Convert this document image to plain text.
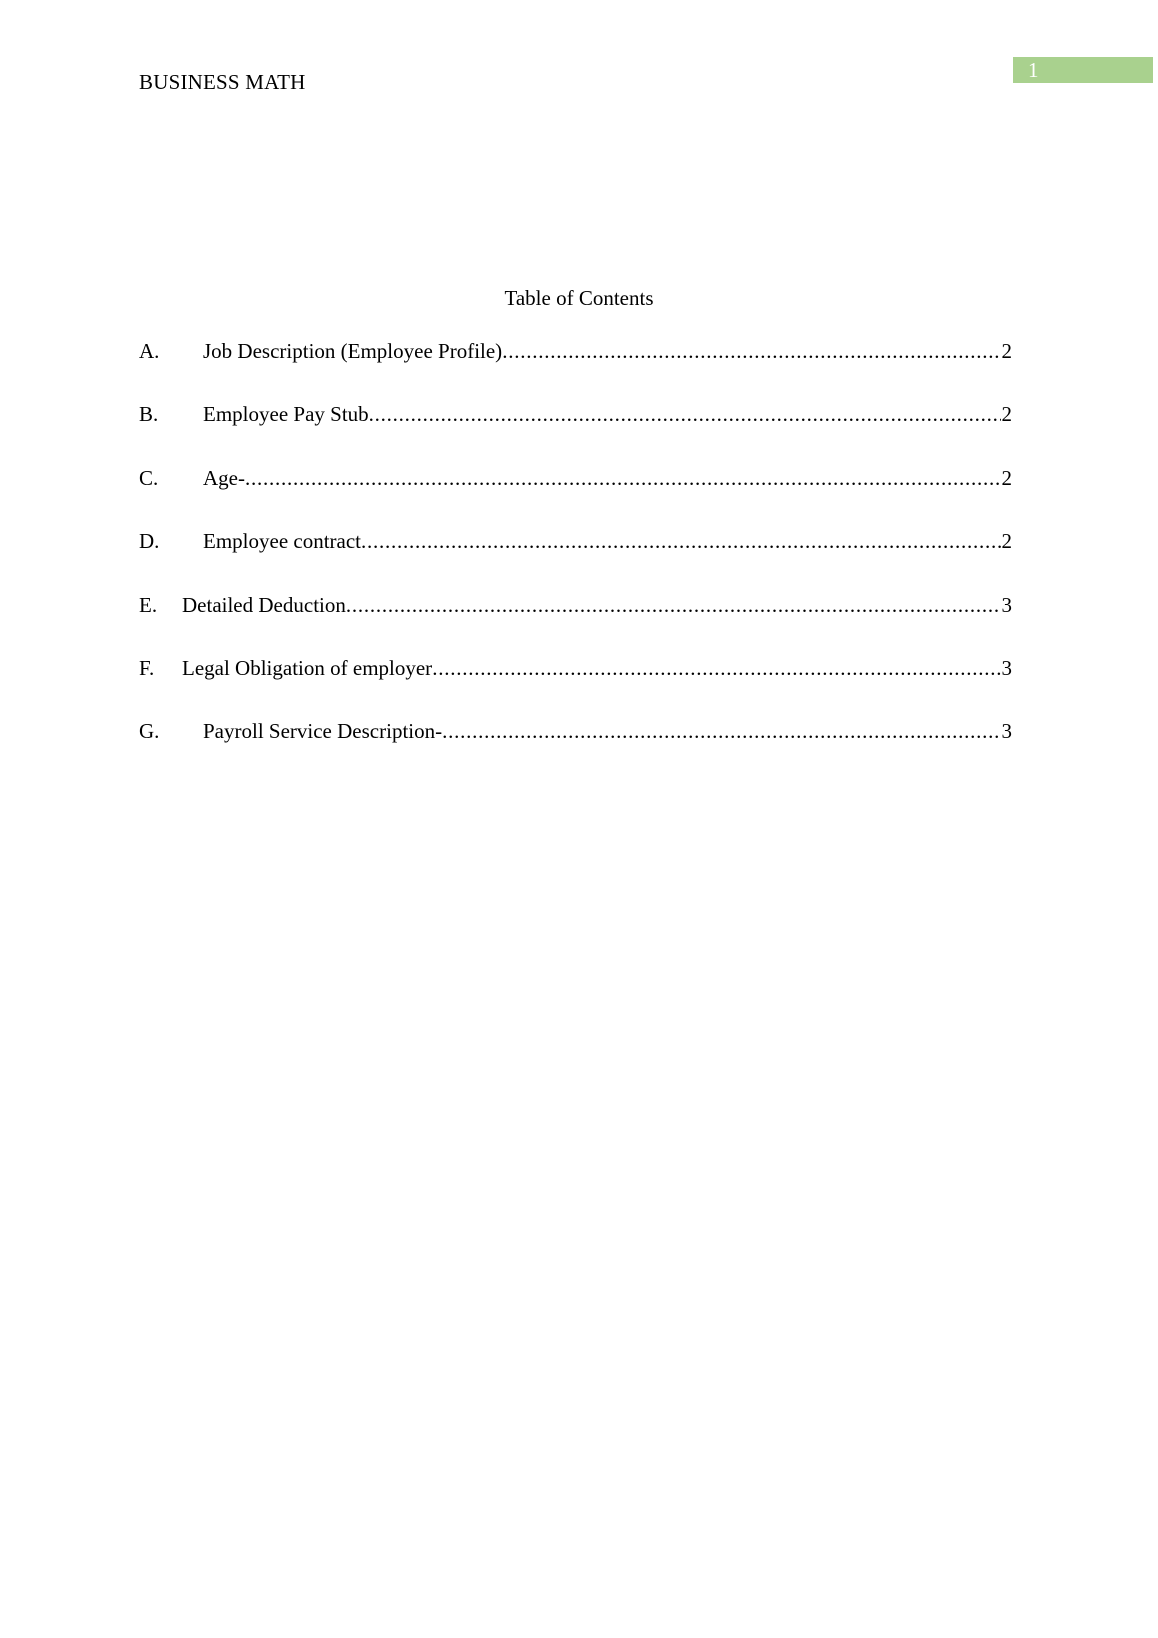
BUSINESS MATH	1
Table of Contents
A.	Job Description (Employee Profile) .....	2
B.	Employee Pay Stub .....	2
C.	Age- .....	2
D.	Employee contract .....	2
E.	Detailed Deduction .....	3
F.	Legal Obligation of employer .....	3
G.	Payroll Service Description- .....	3
